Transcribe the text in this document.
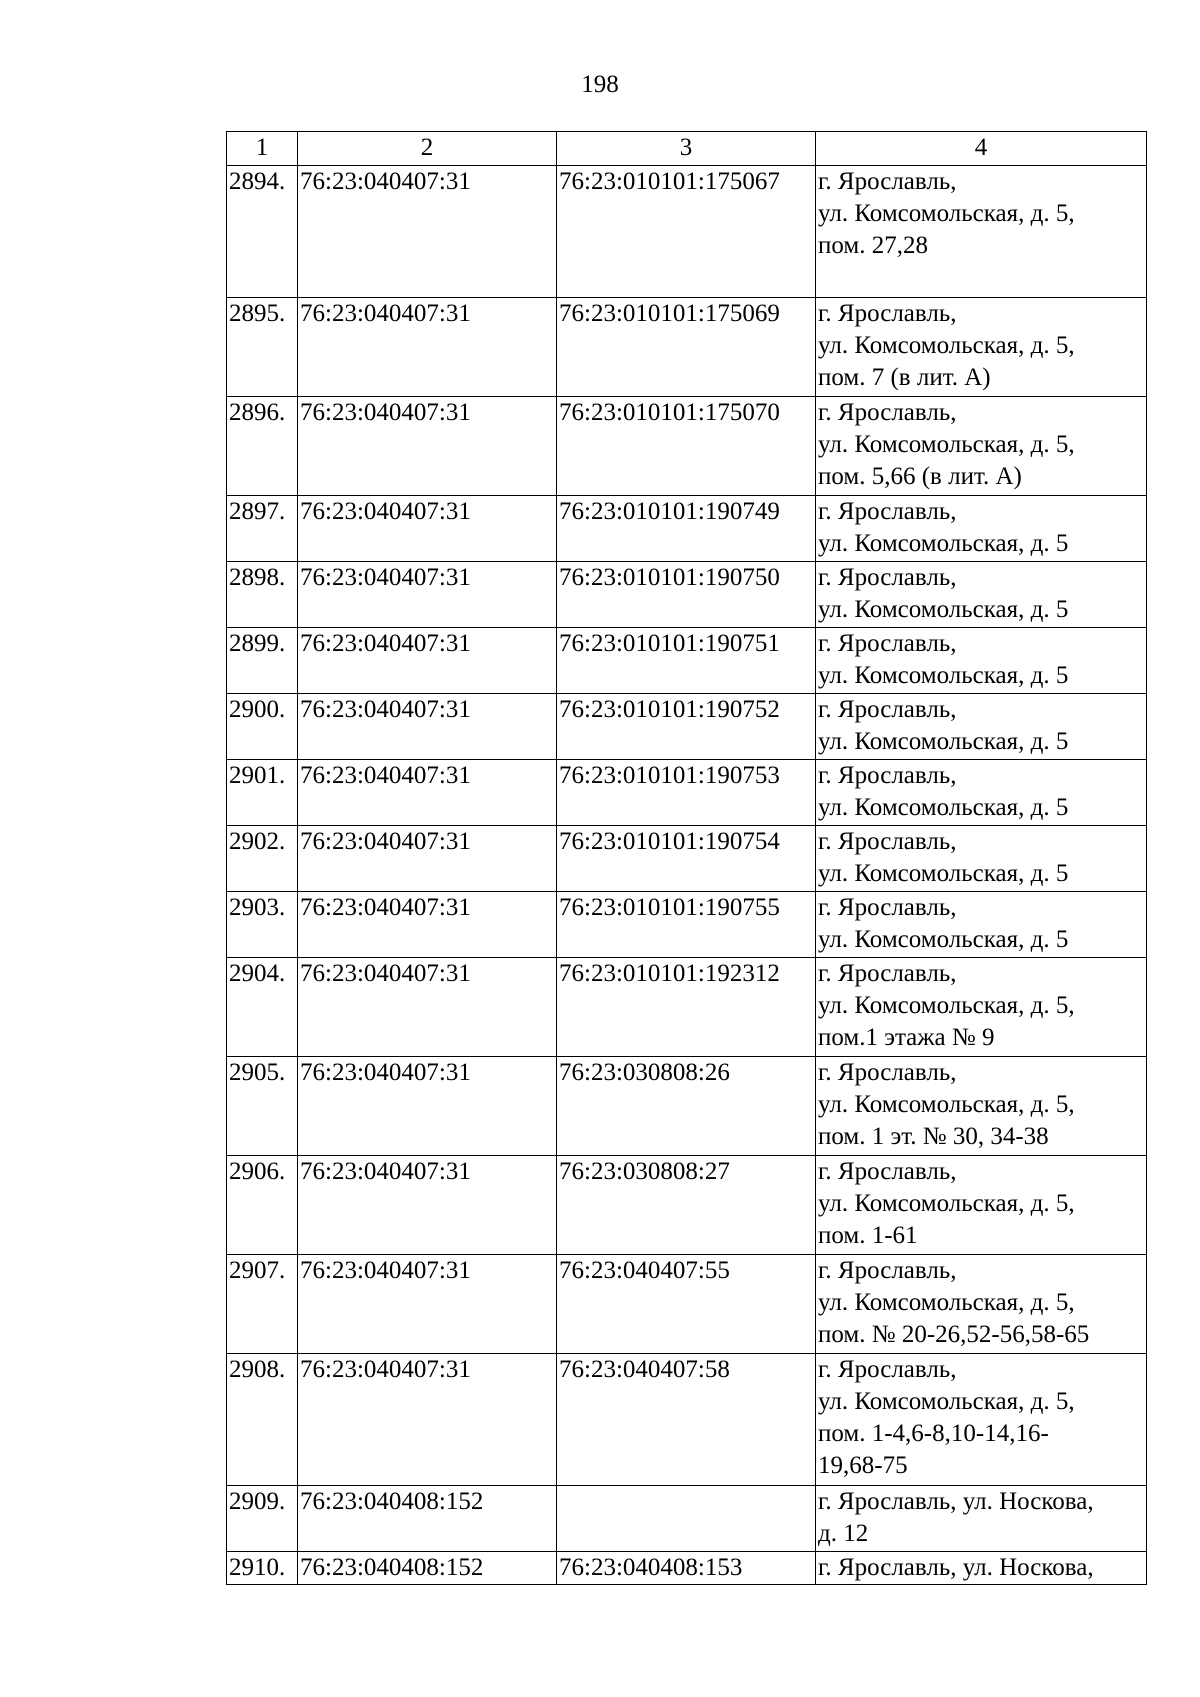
198
1	2	3	4
2894.	76:23:040407:31	76:23:010101:175067	г. Ярославль,
ул. Комсомольская, д. 5,
пом. 27,28

2895.	76:23:040407:31	76:23:010101:175069	г. Ярославль,
ул. Комсомольская, д. 5,
пом. 7 (в лит. А)

2896.	76:23:040407:31	76:23:010101:175070	г. Ярославль,
ул. Комсомольская, д. 5,
пом. 5,66 (в лит. А)

2897.	76:23:040407:31	76:23:010101:190749	г. Ярославль,
ул. Комсомольская, д. 5

2898.	76:23:040407:31	76:23:010101:190750	г. Ярославль,
ул. Комсомольская, д. 5

2899.	76:23:040407:31	76:23:010101:190751	г. Ярославль,
ул. Комсомольская, д. 5

2900.	76:23:040407:31	76:23:010101:190752	г. Ярославль,
ул. Комсомольская, д. 5

2901.	76:23:040407:31	76:23:010101:190753	г. Ярославль,
ул. Комсомольская, д. 5

2902.	76:23:040407:31	76:23:010101:190754	г. Ярославль,
ул. Комсомольская, д. 5

2903.	76:23:040407:31	76:23:010101:190755	г. Ярославль,
ул. Комсомольская, д. 5

2904.	76:23:040407:31	76:23:010101:192312	г. Ярославль,
ул. Комсомольская, д. 5,
пом.1 этажа № 9

2905.	76:23:040407:31	76:23:030808:26	г. Ярославль,
ул. Комсомольская, д. 5,
пом. 1 эт. № 30, 34-38

2906.	76:23:040407:31	76:23:030808:27	г. Ярославль,
ул. Комсомольская, д. 5,
пом. 1-61

2907.	76:23:040407:31	76:23:040407:55	г. Ярославль,
ул. Комсомольская, д. 5,
пом. № 20-26,52-56,58-65

2908.	76:23:040407:31	76:23:040407:58	г. Ярославль,
ул. Комсомольская, д. 5,
пом. 1-4,6-8,10-14,16-
19,68-75

2909.	76:23:040408:152		г. Ярославль, ул. Носкова,
д. 12

2910.	76:23:040408:152	76:23:040408:153	г. Ярославль, ул. Носкова,
